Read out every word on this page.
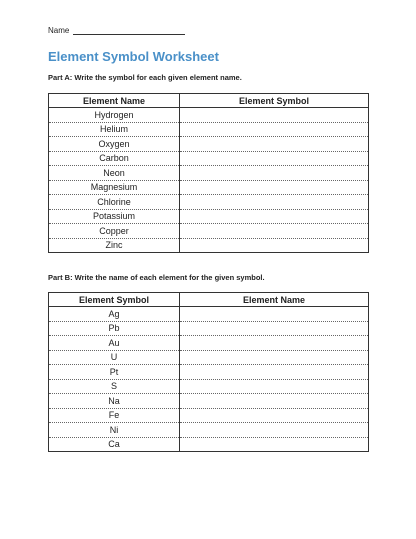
Name
Element Symbol Worksheet
Part A: Write the symbol for each given element name.
Element Name	Element Symbol
Hydrogen	
Helium	
Oxygen	
Carbon	
Neon	
Magnesium	
Chlorine	
Potassium	
Copper	
Zinc	
Part B: Write the name of each element for the given symbol.
Element Symbol	Element Name
Ag	
Pb	
Au	
U	
Pt	
S	
Na	
Fe	
Ni	
Ca	
